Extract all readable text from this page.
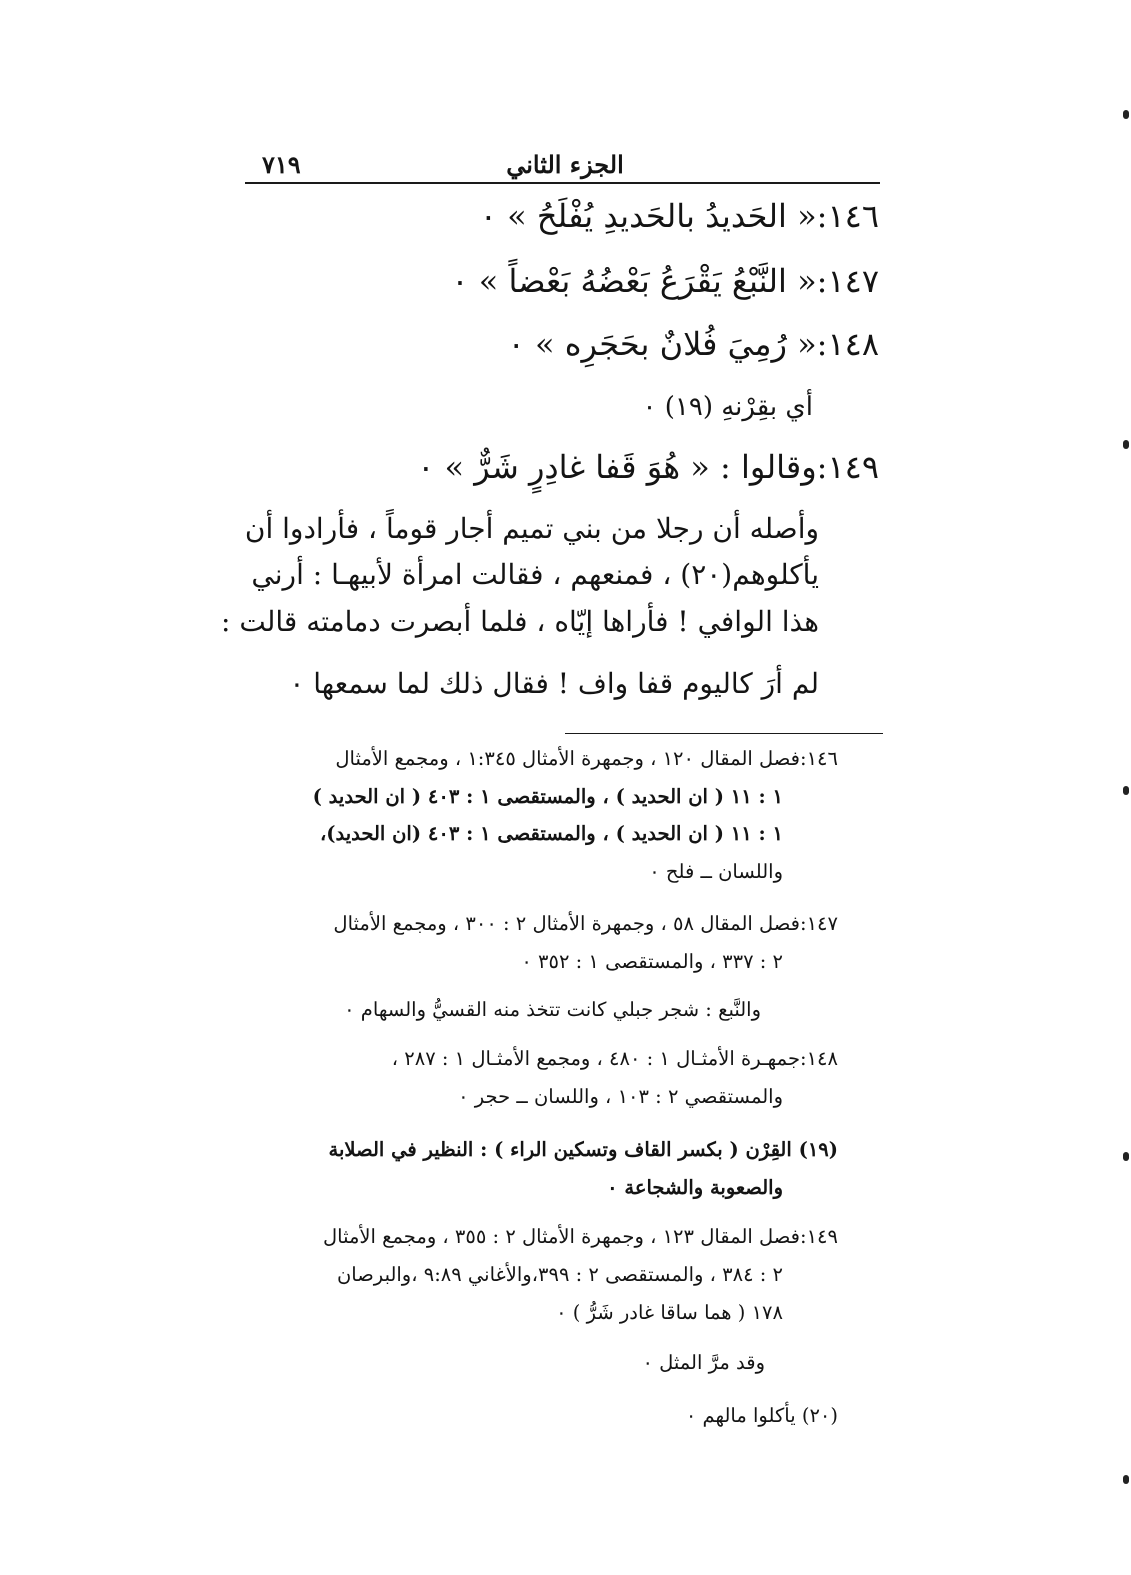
الجزء الثاني
٧١٩
١٤٦:« الحَديدُ بالحَديدِ يُفْلَحُ » ٠
١٤٧:« النَّبْعُ يَقْرَعُ بَعْضُهُ بَعْضاً » ٠
١٤٨:« رُمِيَ فُلانٌ بحَجَرِه » ٠
أي بقِرْنهِ (١٩) ٠
١٤٩:وقالوا : « هُوَ قَفا غادِرٍ شَرٌّ » ٠
وأصله أن رجلا من بني تميم أجار قوماً ، فأرادوا أن
يأكلوهم(٢٠) ، فمنعهم ، فقالت امرأة لأبيهـا : أرني
هذا الوافي ! فأراها إيّاه ، فلما أبصرت دمامته قالت :
لم أرَ كاليوم قفا واف ! فقال ذلك لما سمعها ٠
١٤٦:فصل المقال ١٢٠ ، وجمهرة الأمثال ١:٣٤٥ ، ومجمع الأمثال
١ : ١١ ( ان الحديد ) ، والمستقصى ١ : ٤٠٣ ( ان الحديد )
١ : ١١ ( ان الحديد ) ، والمستقصى ١ : ٤٠٣ (ان الحديد)،
واللسان ــ فلح ٠
١٤٧:فصل المقال ٥٨ ، وجمهرة الأمثال ٢ : ٣٠٠ ، ومجمع الأمثال
٢ : ٣٣٧ ، والمستقصى ١ : ٣٥٢ ٠
والنَّبع : شجر جبلي كانت تتخذ منه القسيُّ والسهام ٠
١٤٨:جمهـرة الأمثـال ١ : ٤٨٠ ، ومجمع الأمثـال ١ : ٢٨٧ ،
والمستقصي ٢ : ١٠٣ ، واللسان ــ حجر ٠
(١٩) القِرْن ( بكسر القاف وتسكين الراء ) : النظير في الصلابة
والصعوبة والشجاعة ٠
١٤٩:فصل المقال ١٢٣ ، وجمهرة الأمثال ٢ : ٣٥٥ ، ومجمع الأمثال
٢ : ٣٨٤ ، والمستقصى ٢ : ٣٩٩،والأغاني ٩:٨٩ ،والبرصان
١٧٨ ( هما ساقا غادر شَرُّ ) ٠
وقد مرَّ المثل ٠
(٢٠) يأكلوا مالهم ٠
